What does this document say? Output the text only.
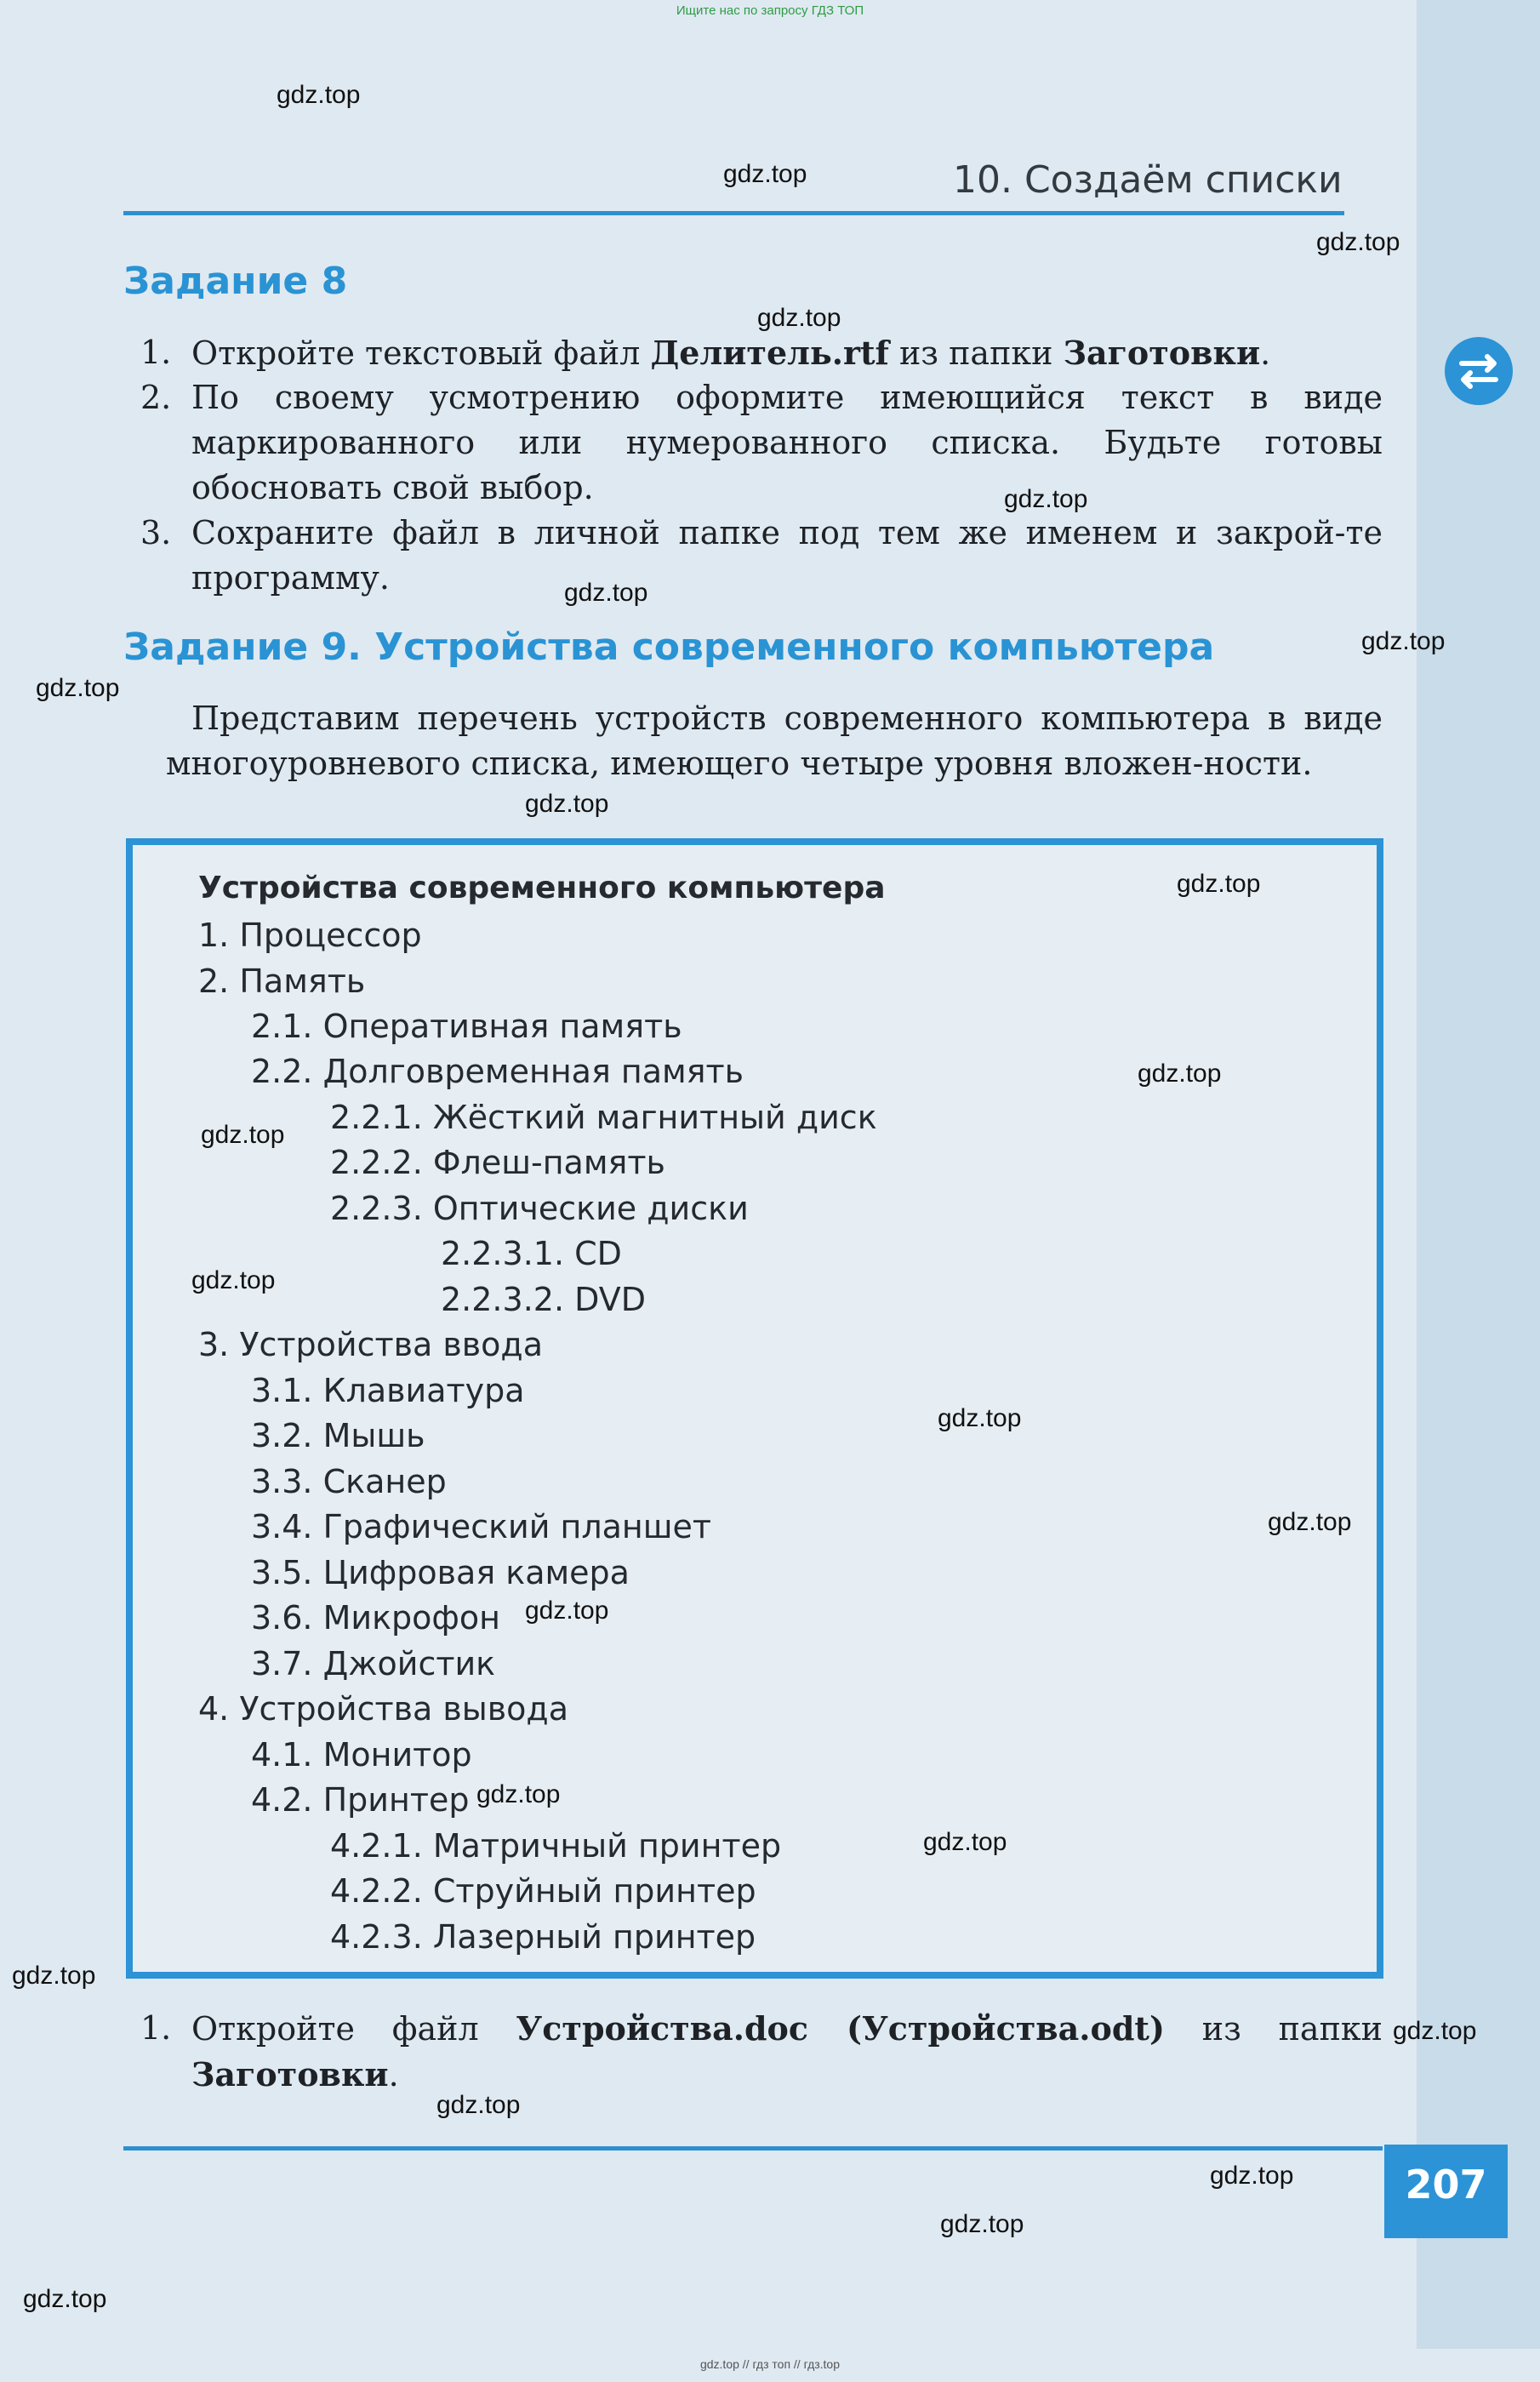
Ищите нас по запросу ГДЗ ТОП
10. Создаём списки
Задание 8
1. Откройте текстовый файл Делитель.rtf из папки Заготовки.
2. По своему усмотрению оформите имеющийся текст в виде маркированного или нумерованного списка. Будьте готовы обосновать свой выбор.
3. Сохраните файл в личной папке под тем же именем и закрой-те программу.
Задание 9. Устройства современного компьютера
Представим перечень устройств современного компьютера в виде многоуровневого списка, имеющего четыре уровня вложен-ности.
Устройства современного компьютера
1. Процессор
2. Память
2.1. Оперативная память
2.2. Долговременная память
2.2.1. Жёсткий магнитный диск
2.2.2. Флеш-память
2.2.3. Оптические диски
2.2.3.1. CD
2.2.3.2. DVD
3. Устройства ввода
3.1. Клавиатура
3.2. Мышь
3.3. Сканер
3.4. Графический планшет
3.5. Цифровая камера
3.6. Микрофон
3.7. Джойстик
4. Устройства вывода
4.1. Монитор
4.2. Принтер
4.2.1. Матричный принтер
4.2.2. Струйный принтер
4.2.3. Лазерный принтер
1. Откройте файл Устройства.doc (Устройства.odt) из папки Заготовки.
207
gdz.top
gdz.top
gdz.top
gdz.top
gdz.top
gdz.top
gdz.top
gdz.top
gdz.top
gdz.top
gdz.top
gdz.top
gdz.top
gdz.top
gdz.top
gdz.top
gdz.top
gdz.top
gdz.top
gdz.top
gdz.top
gdz.top
gdz.top
gdz.top
gdz.top // гдз топ // гдз.top
